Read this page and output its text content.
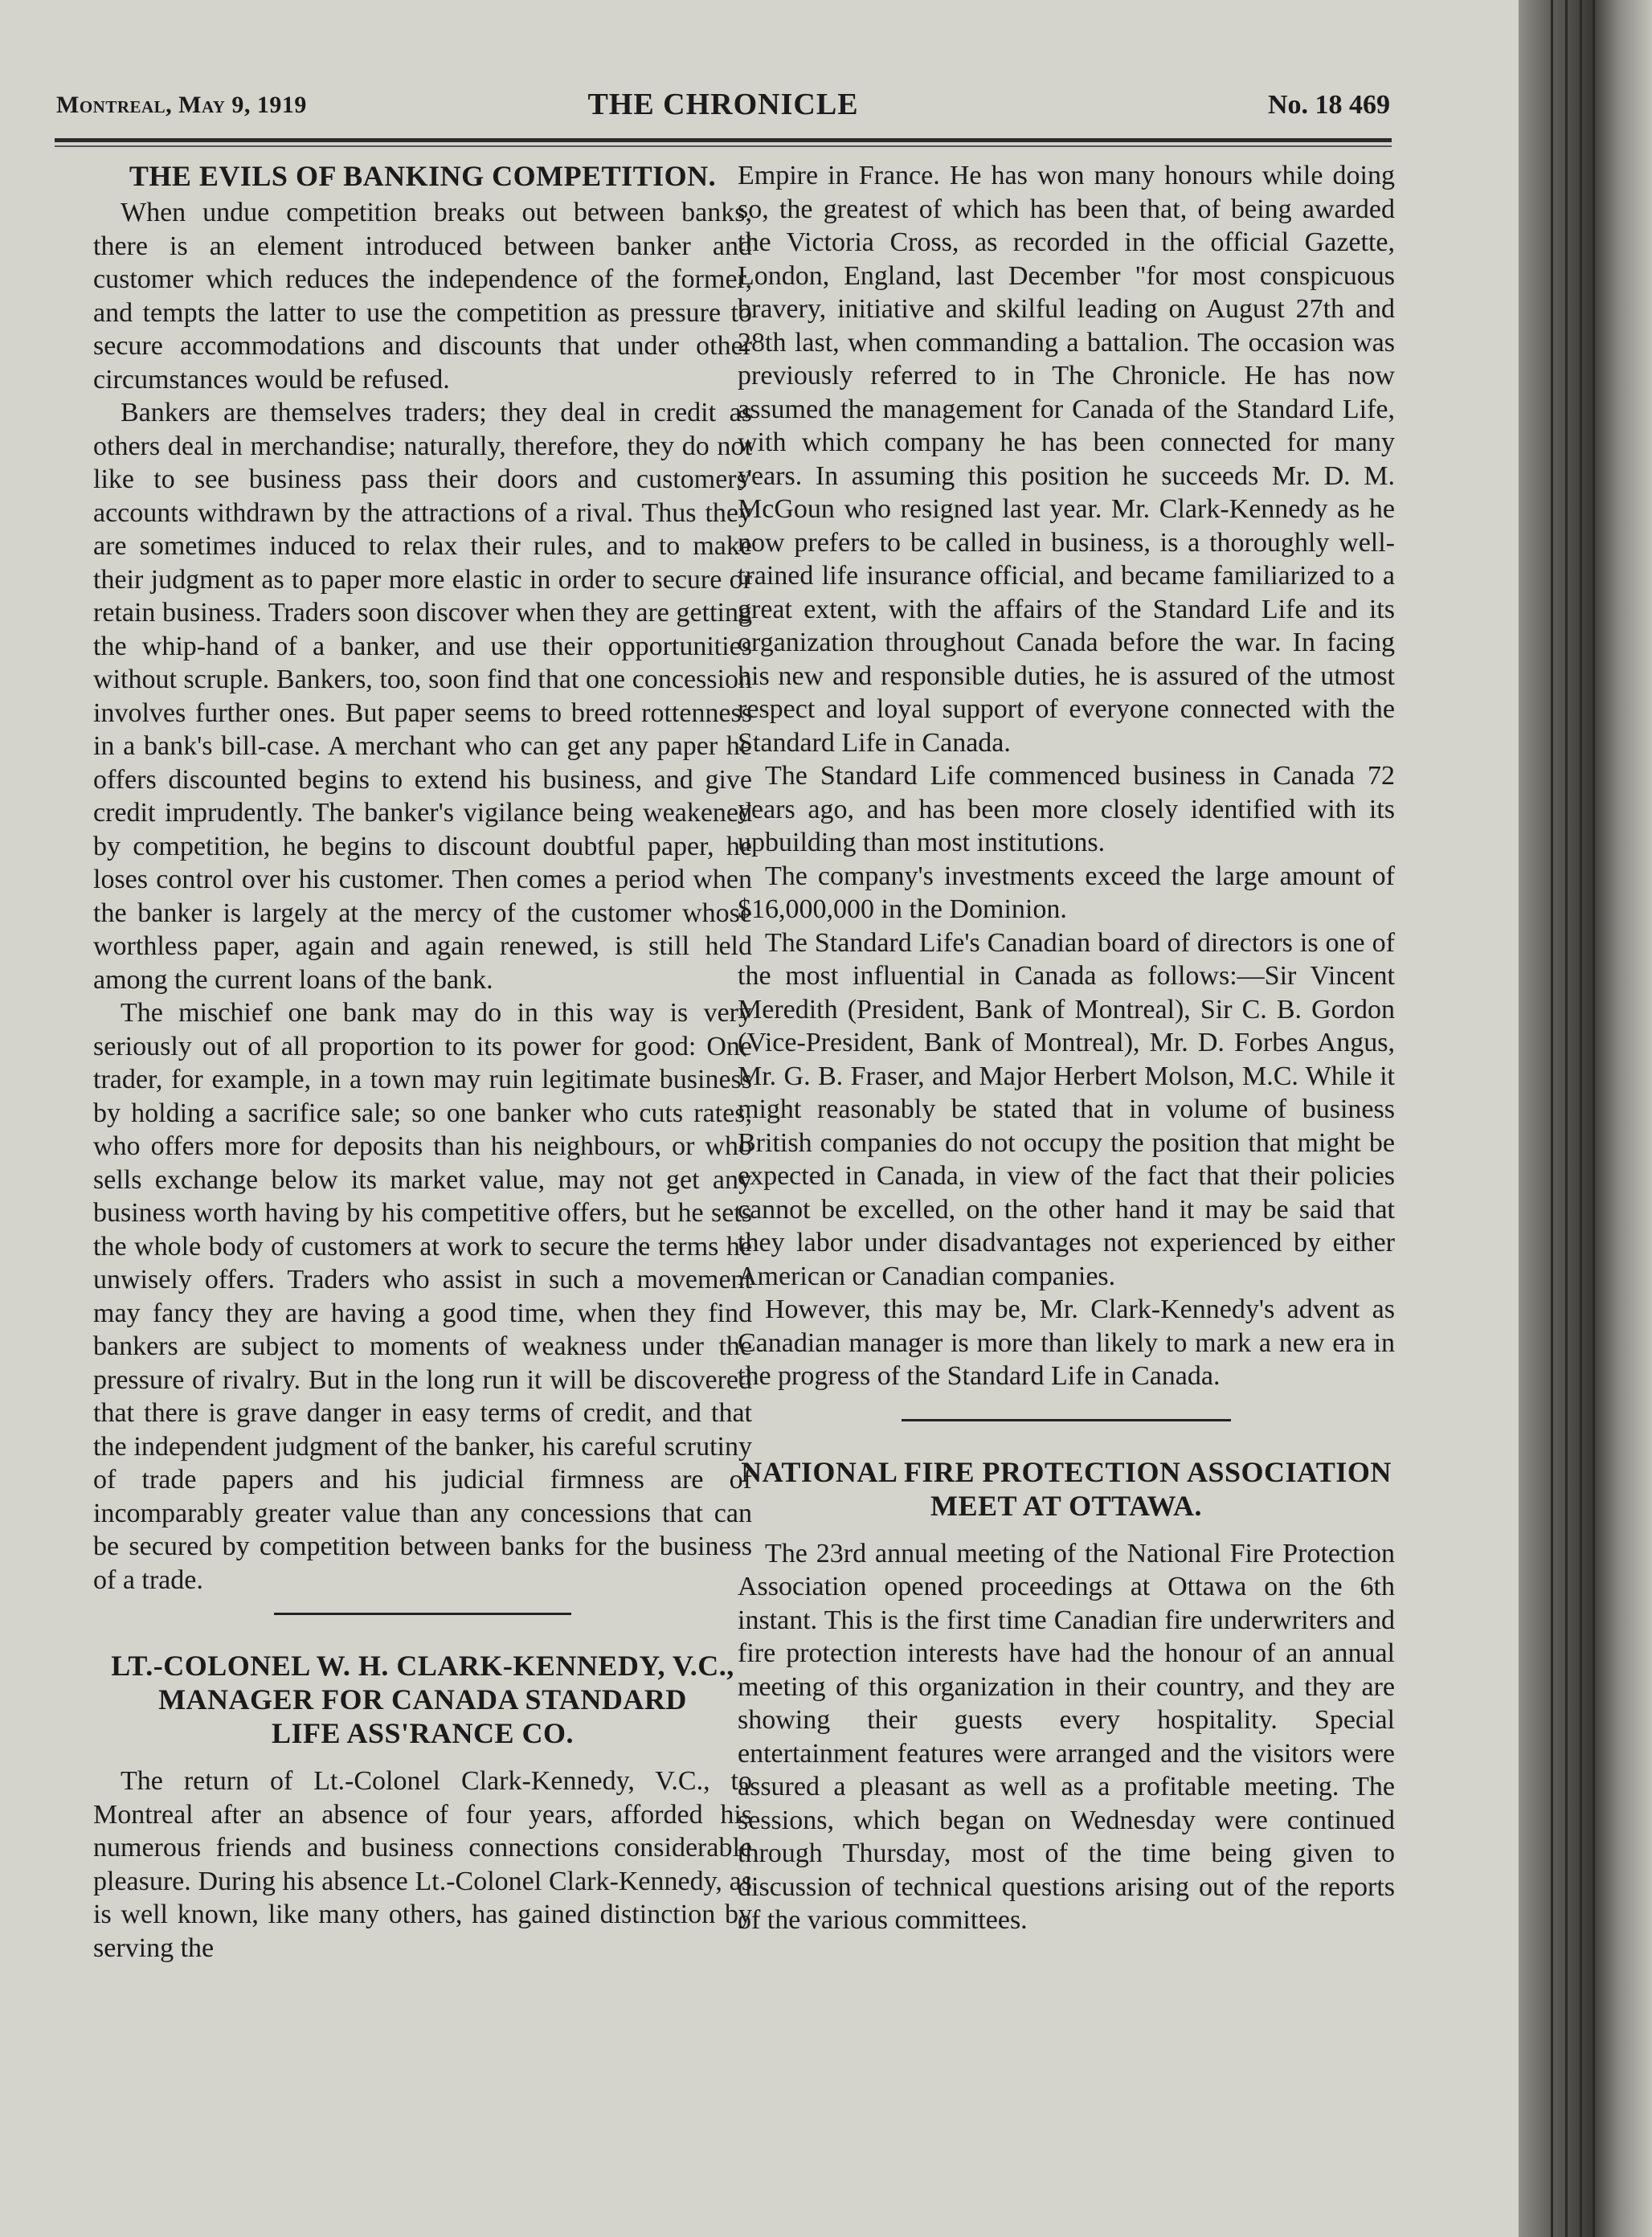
Montreal, May 9, 1919	THE CHRONICLE	No. 18 469
THE EVILS OF BANKING COMPETITION.

When undue competition breaks out between banks, there is an element introduced between banker and customer which reduces the independence of the former, and tempts the latter to use the competition as pressure to secure accommodations and discounts that under other circumstances would be refused.

Bankers are themselves traders; they deal in credit as others deal in merchandise; naturally, therefore, they do not like to see business pass their doors and customers' accounts withdrawn by the attractions of a rival. Thus they are sometimes induced to relax their rules, and to make their judgment as to paper more elastic in order to secure or retain business. Traders soon discover when they are getting the whip-hand of a banker, and use their opportunities without scruple. Bankers, too, soon find that one concession involves further ones. But paper seems to breed rottenness in a bank's bill-case. A merchant who can get any paper he offers discounted begins to extend his business, and give credit imprudently. The banker's vigilance being weakened by competition, he begins to discount doubtful paper, he loses control over his customer. Then comes a period when the banker is largely at the mercy of the customer whose worthless paper, again and again renewed, is still held among the current loans of the bank.

The mischief one bank may do in this way is very seriously out of all proportion to its power for good: One trader, for example, in a town may ruin legitimate business by holding a sacrifice sale; so one banker who cuts rates, who offers more for deposits than his neighbours, or who sells exchange below its market value, may not get any business worth having by his competitive offers, but he sets the whole body of customers at work to secure the terms he unwisely offers. Traders who assist in such a movement may fancy they are having a good time, when they find bankers are subject to moments of weakness under the pressure of rivalry. But in the long run it will be discovered that there is grave danger in easy terms of credit, and that the independent judgment of the banker, his careful scrutiny of trade papers and his judicial firmness are of incomparably greater value than any concessions that can be secured by competition between banks for the business of a trade.

LT.-COLONEL W. H. CLARK-KENNEDY, V.C.,
MANAGER FOR CANADA STANDARD
LIFE ASS'RANCE CO.

The return of Lt.-Colonel Clark-Kennedy, V.C., to Montreal after an absence of four years, afforded his numerous friends and business connections considerable pleasure. During his absence Lt.-Colonel Clark-Kennedy, as is well known, like many others, has gained distinction by serving the

Empire in France. He has won many honours while doing so, the greatest of which has been that, of being awarded the Victoria Cross, as recorded in the official Gazette, London, England, last December "for most conspicuous bravery, initiative and skilful leading on August 27th and 28th last, when commanding a battalion. The occasion was previously referred to in The Chronicle. He has now assumed the management for Canada of the Standard Life, with which company he has been connected for many years. In assuming this position he succeeds Mr. D. M. McGoun who resigned last year. Mr. Clark-Kennedy as he now prefers to be called in business, is a thoroughly well-trained life insurance official, and became familiarized to a great extent, with the affairs of the Standard Life and its organization throughout Canada before the war. In facing his new and responsible duties, he is assured of the utmost respect and loyal support of everyone connected with the Standard Life in Canada.

The Standard Life commenced business in Canada 72 years ago, and has been more closely identified with its upbuilding than most institutions.

The company's investments exceed the large amount of $16,000,000 in the Dominion.

The Standard Life's Canadian board of directors is one of the most influential in Canada as follows:—Sir Vincent Meredith (President, Bank of Montreal), Sir C. B. Gordon (Vice-President, Bank of Montreal), Mr. D. Forbes Angus, Mr. G. B. Fraser, and Major Herbert Molson, M.C. While it might reasonably be stated that in volume of business British companies do not occupy the position that might be expected in Canada, in view of the fact that their policies cannot be excelled, on the other hand it may be said that they labor under disadvantages not experienced by either American or Canadian companies.

However, this may be, Mr. Clark-Kennedy's advent as Canadian manager is more than likely to mark a new era in the progress of the Standard Life in Canada.

NATIONAL FIRE PROTECTION ASSOCIATION
MEET AT OTTAWA.

The 23rd annual meeting of the National Fire Protection Association opened proceedings at Ottawa on the 6th instant. This is the first time Canadian fire underwriters and fire protection interests have had the honour of an annual meeting of this organization in their country, and they are showing their guests every hospitality. Special entertainment features were arranged and the visitors were assured a pleasant as well as a profitable meeting. The sessions, which began on Wednesday were continued through Thursday, most of the time being given to discussion of technical questions arising out of the reports of the various committees.
